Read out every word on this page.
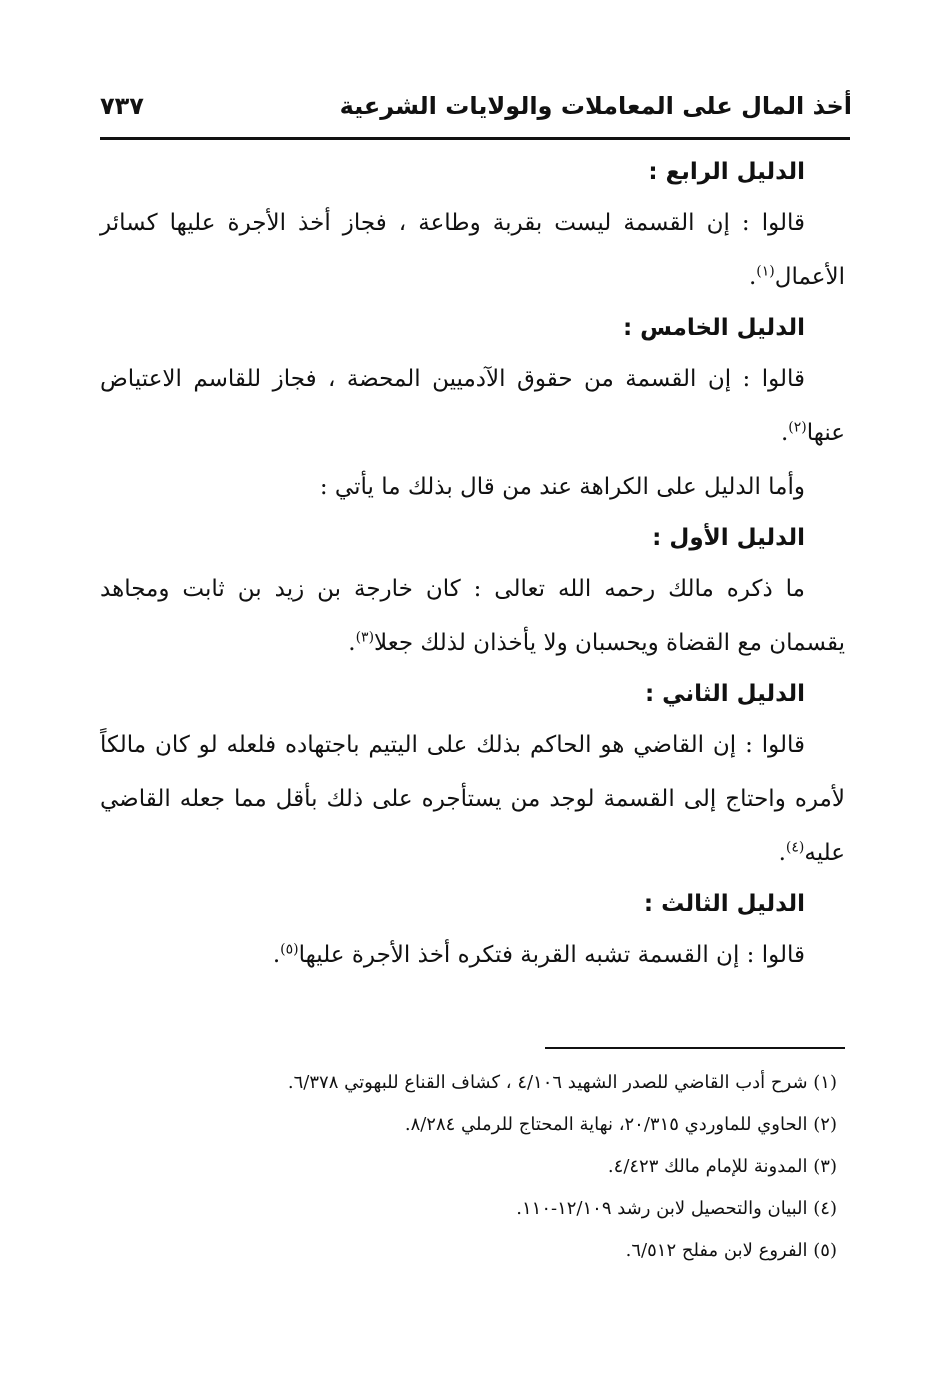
أخذ المال على المعاملات والولايات الشرعية
٧٣٧

الدليل الرابع :

قالوا : إن القسمة ليست بقربة وطاعة ، فجاز أخذ الأجرة عليها كسائر الأعمال$^{(١)}$.

الدليل الخامس :

قالوا : إن القسمة من حقوق الآدميين المحضة ، فجاز للقاسم الاعتياض عنها$^{(٢)}$.

وأما الدليل على الكراهة عند من قال بذلك ما يأتي :

الدليل الأول :

ما ذكره مالك رحمه الله تعالى : كان خارجة بن زيد بن ثابت ومجاهد يقسمان مع القضاة ويحسبان ولا يأخذان لذلك جعلا$^{(٣)}$.

الدليل الثاني :

قالوا : إن القاضي هو الحاكم بذلك على اليتيم باجتهاده فلعله لو كان مالكاً لأمره واحتاج إلى القسمة لوجد من يستأجره على ذلك بأقل مما جعله القاضي عليه$^{(٤)}$.

الدليل الثالث :

قالوا : إن القسمة تشبه القربة فتكره أخذ الأجرة عليها$^{(٥)}$.

(١) شرح أدب القاضي للصدر الشهيد ٤/١٠٦ ، كشاف القناع للبهوتي ٦/٣٧٨.

(٢) الحاوي للماوردي ٢٠/٣١٥، نهاية المحتاج للرملي ٨/٢٨٤.

(٣) المدونة للإمام مالك ٤/٤٢٣.

(٤) البيان والتحصيل لابن رشد ١٢/١٠٩-١١٠.

(٥) الفروع لابن مفلح ٦/٥١٢.
